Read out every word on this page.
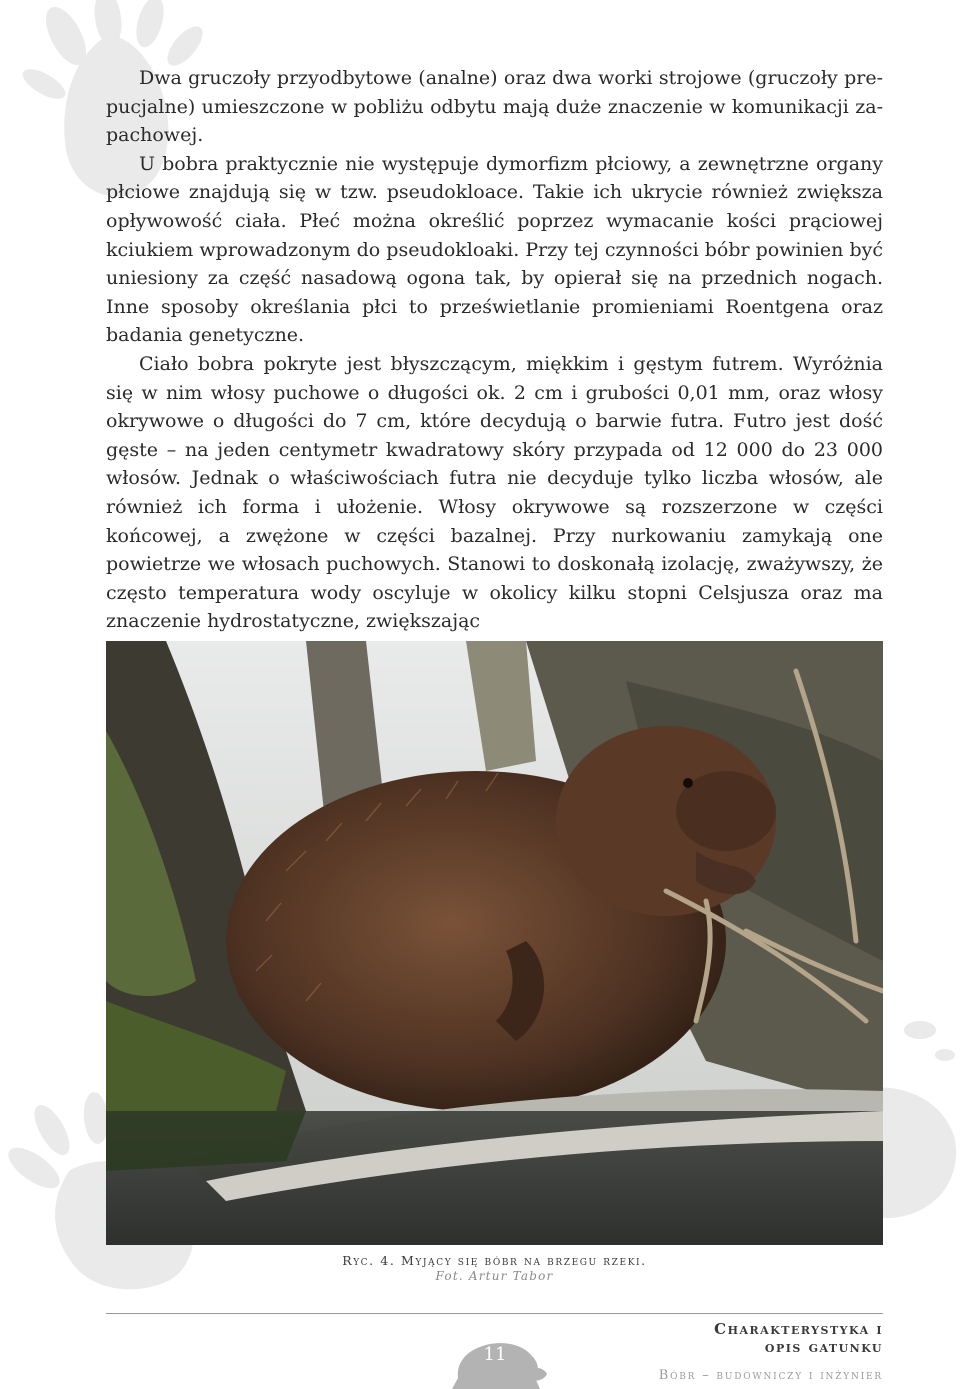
Dwa gruczoły przyodbytowe (analne) oraz dwa worki strojowe (gruczoły prepucjalne) umieszczone w pobliżu odbytu mają duże znaczenie w komunikacji zapachowej.

U bobra praktycznie nie występuje dymorfizm płciowy, a zewnętrzne organy płciowe znajdują się w tzw. pseudokloace. Takie ich ukrycie również zwiększa opływowość ciała. Płeć można określić poprzez wymacanie kości prąciowej kciukiem wprowadzonym do pseudokloaki. Przy tej czynności bóbr powinien być uniesiony za część nasadową ogona tak, by opierał się na przednich nogach. Inne sposoby określania płci to prześwietlanie promieniami Roentgena oraz badania genetyczne.

Ciało bobra pokryte jest błyszczącym, miękkim i gęstym futrem. Wyróżnia się w nim włosy puchowe o długości ok. 2 cm i grubości 0,01 mm, oraz włosy okrywowe o długości do 7 cm, które decydują o barwie futra. Futro jest dość gęste – na jeden centymetr kwadratowy skóry przypada od 12 000 do 23 000 włosów. Jednak o właściwościach futra nie decyduje tylko liczba włosów, ale również ich forma i ułożenie. Włosy okrywowe są rozszerzone w części końcowej, a zwężone w części bazalnej. Przy nurkowaniu zamykają one powietrze we włosach puchowych. Stanowi to doskonałą izolację, zważywszy, że często temperatura wody oscyluje w okolicy kilku stopni Celsjusza oraz ma znaczenie hydrostatyczne, zwiększając

Ryc. 4. Myjący się bóbr na brzegu rzeki.
Fot. Artur Tabor
11
Charakterystyka i opis gatunku
Bóbr – budowniczy i inżynier
